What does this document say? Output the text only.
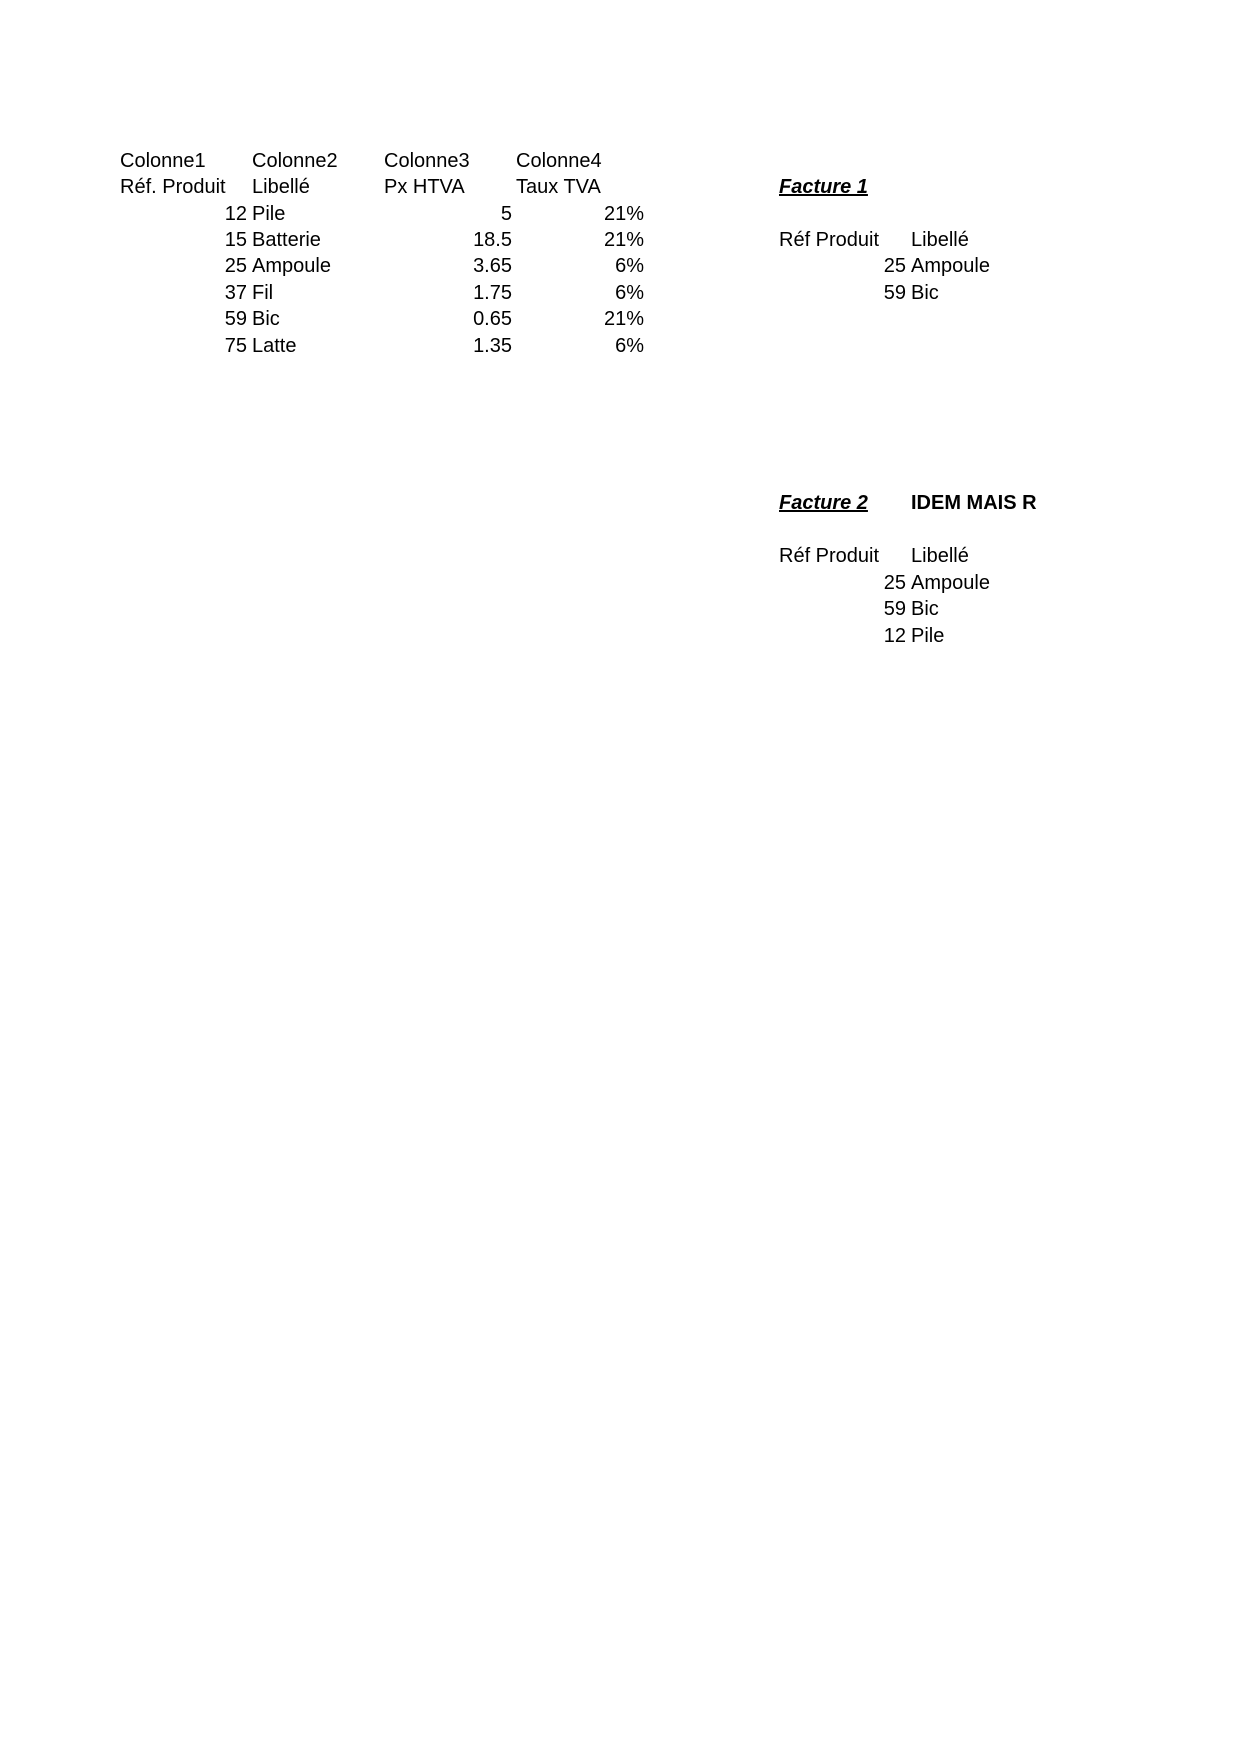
Colonne1 Colonne2 Colonne3 Colonne4
Réf. Produit Libellé	Px HTVA	Taux TVA
12 Pile	5	21%
15 Batterie	18.5	21%
25 Ampoule	3.65	6%
37 Fil	1.75	6%
59 Bic	0.65	21%
75 Latte	1.35	6%
Facture 1
Réf Produit Libellé
25 Ampoule
59 Bic
Facture 2 IDEM MAIS R
Réf Produit Libellé
25 Ampoule
59 Bic
12 Pile
